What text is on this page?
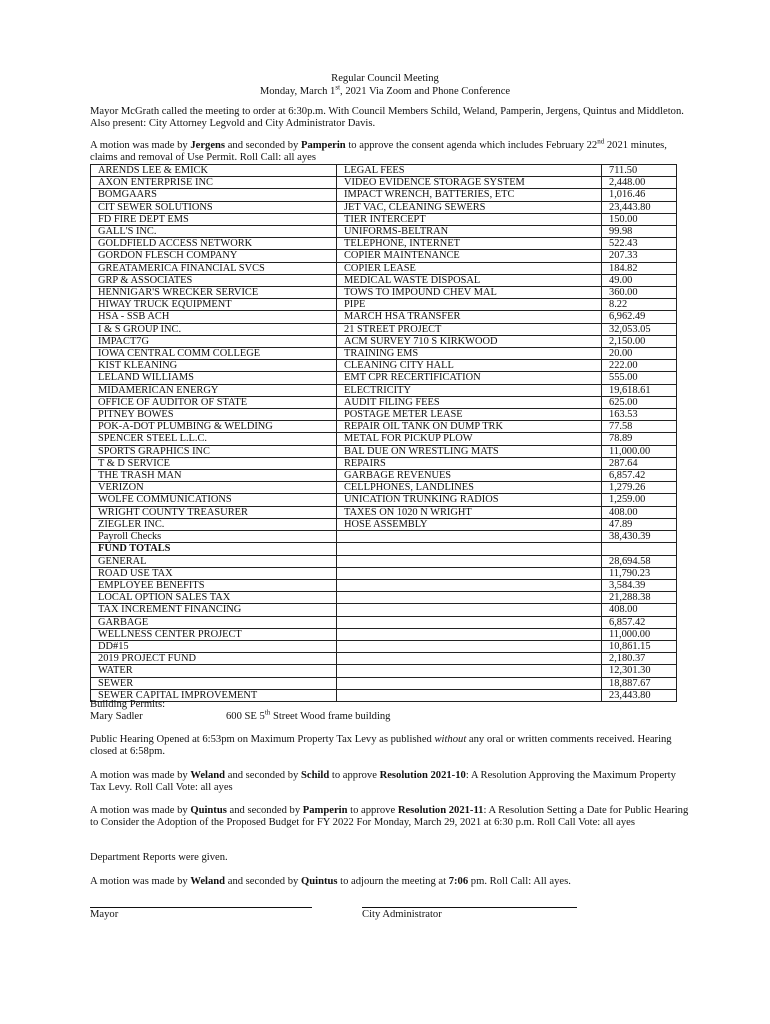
Regular Council Meeting
Monday, March 1st, 2021 Via Zoom and Phone Conference
Mayor McGrath called the meeting to order at 6:30p.m. With Council Members Schild, Weland, Pamperin, Jergens, Quintus and Middleton. Also present: City Attorney Legvold and City Administrator Davis.
A motion was made by Jergens and seconded by Pamperin to approve the consent agenda which includes February 22nd 2021 minutes, claims and removal of Use Permit. Roll Call: all ayes
ARENDS LEE & EMICK	LEGAL FEES	711.50
AXON ENTERPRISE INC	VIDEO EVIDENCE STORAGE SYSTEM	2,448.00
BOMGAARS	IMPACT WRENCH, BATTERIES, ETC	1,016.46
CIT SEWER SOLUTIONS	JET VAC, CLEANING SEWERS	23,443.80
FD FIRE DEPT EMS	TIER INTERCEPT	150.00
GALL'S INC.	UNIFORMS-BELTRAN	99.98
GOLDFIELD ACCESS NETWORK	TELEPHONE, INTERNET	522.43
GORDON FLESCH COMPANY	COPIER MAINTENANCE	207.33
GREATAMERICA FINANCIAL SVCS	COPIER LEASE	184.82
GRP & ASSOCIATES	MEDICAL WASTE DISPOSAL	49.00
HENNIGAR'S WRECKER SERVICE	TOWS TO IMPOUND CHEV MAL	360.00
HIWAY TRUCK EQUIPMENT	PIPE	8.22
HSA - SSB ACH	MARCH HSA TRANSFER	6,962.49
I & S GROUP INC.	21 STREET PROJECT	32,053.05
IMPACT7G	ACM SURVEY 710 S KIRKWOOD	2,150.00
IOWA CENTRAL COMM COLLEGE	TRAINING EMS	20.00
KIST KLEANING	CLEANING CITY HALL	222.00
LELAND WILLIAMS	EMT CPR RECERTIFICATION	555.00
MIDAMERICAN ENERGY	ELECTRICITY	19,618.61
OFFICE OF AUDITOR OF STATE	AUDIT FILING FEES	625.00
PITNEY BOWES	POSTAGE METER LEASE	163.53
POK-A-DOT PLUMBING & WELDING	REPAIR OIL TANK ON DUMP TRK	77.58
SPENCER STEEL L.L.C.	METAL FOR PICKUP PLOW	78.89
SPORTS GRAPHICS INC	BAL DUE ON WRESTLING MATS	11,000.00
T & D SERVICE	REPAIRS	287.64
THE TRASH MAN	GARBAGE REVENUES	6,857.42
VERIZON	CELLPHONES, LANDLINES	1,279.26
WOLFE COMMUNICATIONS	UNICATION TRUNKING RADIOS	1,259.00
WRIGHT COUNTY TREASURER	TAXES ON 1020 N WRIGHT	408.00
ZIEGLER INC.	HOSE ASSEMBLY	47.89
Payroll Checks		38,430.39
FUND TOTALS		
GENERAL		28,694.58
ROAD USE TAX		11,790.23
EMPLOYEE BENEFITS		3,584.39
LOCAL OPTION SALES TAX		21,288.38
TAX INCREMENT FINANCING		408.00
GARBAGE		6,857.42
WELLNESS CENTER PROJECT		11,000.00
DD#15		10,861.15
2019 PROJECT FUND		2,180.37
WATER		12,301.30
SEWER		18,887.67
SEWER CAPITAL IMPROVEMENT		23,443.80
Building Permits:
Mary Sadler	600 SE 5th Street Wood frame building
Public Hearing Opened at 6:53pm on Maximum Property Tax Levy as published without any oral or written comments received. Hearing closed at 6:58pm.
A motion was made by Weland and seconded by Schild to approve Resolution 2021-10: A Resolution Approving the Maximum Property Tax Levy. Roll Call Vote: all ayes
A motion was made by Quintus and seconded by Pamperin to approve Resolution 2021-11: A Resolution Setting a Date for Public Hearing to Consider the Adoption of the Proposed Budget for FY 2022 For Monday, March 29, 2021 at 6:30 p.m. Roll Call Vote: all ayes
Department Reports were given.
A motion was made by Weland and seconded by Quintus to adjourn the meeting at 7:06 pm. Roll Call: All ayes.
Mayor	City Administrator
